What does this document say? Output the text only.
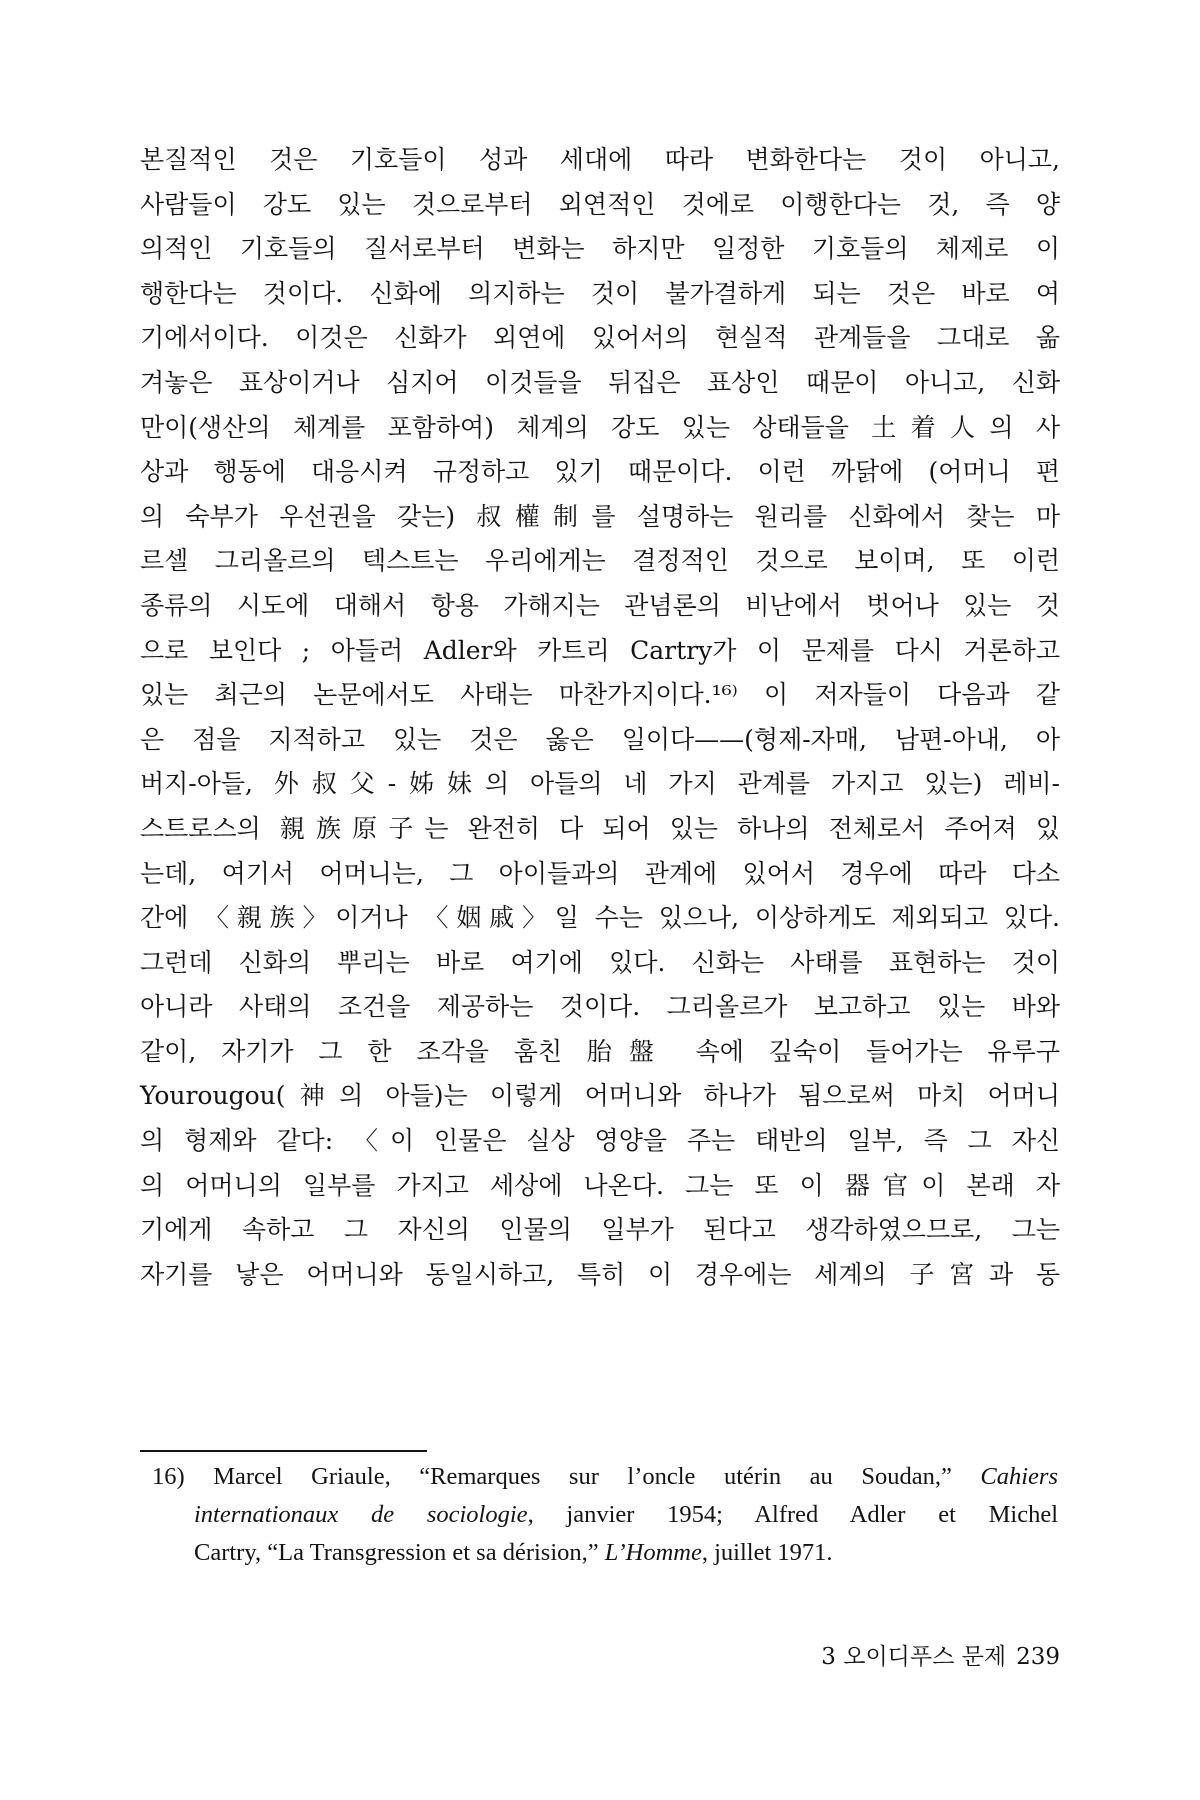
본질적인 것은 기호들이 성과 세대에 따라 변화한다는 것이 아니고,
사람들이 강도 있는 것으로부터 외연적인 것에로 이행한다는 것, 즉 양
의적인 기호들의 질서로부터 변화는 하지만 일정한 기호들의 체제로 이
행한다는 것이다. 신화에 의지하는 것이 불가결하게 되는 것은 바로 여
기에서이다. 이것은 신화가 외연에 있어서의 현실적 관계들을 그대로 옮
겨놓은 표상이거나 심지어 이것들을 뒤집은 표상인 때문이 아니고, 신화
만이(생산의 체계를 포함하여) 체계의 강도 있는 상태들을 土着人의 사
상과 행동에 대응시켜 규정하고 있기 때문이다. 이런 까닭에 (어머니 편
의 숙부가 우선권을 갖는) 叔權制를 설명하는 원리를 신화에서 찾는 마
르셀 그리올르의 텍스트는 우리에게는 결정적인 것으로 보이며, 또 이런
종류의 시도에 대해서 항용 가해지는 관념론의 비난에서 벗어나 있는 것
으로 보인다 ; 아들러 Adler와 카트리 Cartry가 이 문제를 다시 거론하고
있는 최근의 논문에서도 사태는 마찬가지이다.¹⁶⁾ 이 저자들이 다음과 같
은 점을 지적하고 있는 것은 옳은 일이다——(형제-자매, 남편-아내, 아
버지-아들, 外叔父-姊妹의 아들의 네 가지 관계를 가지고 있는) 레비-
스트로스의 親族原子는 완전히 다 되어 있는 하나의 전체로서 주어져 있
는데, 여기서 어머니는, 그 아이들과의 관계에 있어서 경우에 따라 다소
간에 〈親族〉이거나 〈姻戚〉일 수는 있으나, 이상하게도 제외되고 있다.
그런데 신화의 뿌리는 바로 여기에 있다. 신화는 사태를 표현하는 것이
아니라 사태의 조건을 제공하는 것이다. 그리올르가 보고하고 있는 바와
같이, 자기가 그 한 조각을 훔친 胎盤 속에 깊숙이 들어가는 유루구
Yourougou(神의 아들)는 이렇게 어머니와 하나가 됨으로써 마치 어머니
의 형제와 같다: 〈이 인물은 실상 영양을 주는 태반의 일부, 즉 그 자신
의 어머니의 일부를 가지고 세상에 나온다. 그는 또 이 器官이 본래 자
기에게 속하고 그 자신의 인물의 일부가 된다고 생각하였으므로, 그는
자기를 낳은 어머니와 동일시하고, 특히 이 경우에는 세계의 子宮과 동
16) Marcel Griaule, “Remarques sur l’oncle utérin au Soudan,” Cahiers
internationaux de sociologie, janvier 1954; Alfred Adler et Michel
Cartry, “La Transgression et sa dérision,” L’Homme, juillet 1971.
3 오이디푸스 문제 239
